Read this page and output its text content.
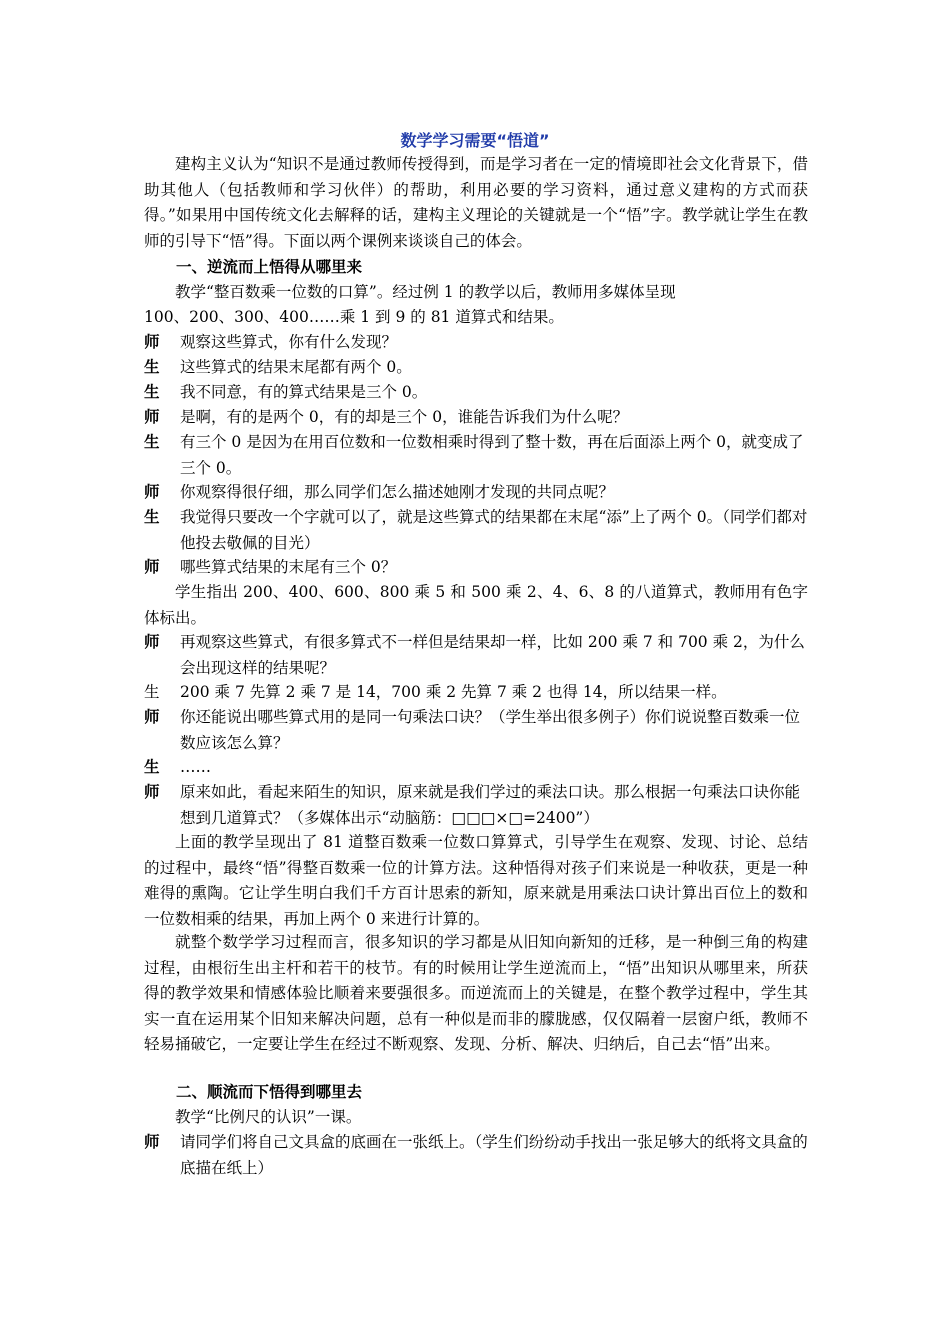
数学学习需要“悟道”

建构主义认为“知识不是通过教师传授得到，而是学习者在一定的情境即社会文化背景下，借助其他人（包括教师和学习伙伴）的帮助，利用必要的学习资料，通过意义建构的方式而获得。”如果用中国传统文化去解释的话，建构主义理论的关键就是一个“悟”字。教学就让学生在教师的引导下“悟”得。下面以两个课例来谈谈自己的体会。

一、逆流而上悟得从哪里来

教学“整百数乘一位数的口算”。经过例 1 的教学以后，教师用多媒体呈现

100、200、300、400……乘 1 到 9 的 81 道算式和结果。

师	观察这些算式，你有什么发现？
生	这些算式的结果末尾都有两个 0。
生	我不同意，有的算式结果是三个 0。
师	是啊，有的是两个 0，有的却是三个 0，谁能告诉我们为什么呢？
生	有三个 0 是因为在用百位数和一位数相乘时得到了整十数，再在后面添上两个 0，就变成了三个 0。
师	你观察得很仔细，那么同学们怎么描述她刚才发现的共同点呢？
生	我觉得只要改一个字就可以了，就是这些算式的结果都在末尾“添”上了两个 0。（同学们都对他投去敬佩的目光）
师	哪些算式结果的末尾有三个 0？

学生指出 200、400、600、800 乘 5 和 500 乘 2、4、6、8 的八道算式，教师用有色字体标出。

师	再观察这些算式，有很多算式不一样但是结果却一样，比如 200 乘 7 和 700 乘 2，为什么会出现这样的结果呢？
生	200 乘 7 先算 2 乘 7 是 14，700 乘 2 先算 7 乘 2 也得 14，所以结果一样。
师	你还能说出哪些算式用的是同一句乘法口诀？（学生举出很多例子）你们说说整百数乘一位数应该怎么算？
生	……
师	原来如此，看起来陌生的知识，原来就是我们学过的乘法口诀。那么根据一句乘法口诀你能想到几道算式？（多媒体出示“动脑筋：□□□×□=2400”）

上面的教学呈现出了 81 道整百数乘一位数口算算式，引导学生在观察、发现、讨论、总结的过程中，最终“悟”得整百数乘一位的计算方法。这种悟得对孩子们来说是一种收获，更是一种难得的熏陶。它让学生明白我们千方百计思索的新知，原来就是用乘法口诀计算出百位上的数和一位数相乘的结果，再加上两个 0 来进行计算的。

就整个数学学习过程而言，很多知识的学习都是从旧知向新知的迁移，是一种倒三角的构建过程，由根衍生出主杆和若干的枝节。有的时候用让学生逆流而上，“悟”出知识从哪里来，所获得的教学效果和情感体验比顺着来要强很多。而逆流而上的关键是，在整个教学过程中，学生其实一直在运用某个旧知来解决问题，总有一种似是而非的朦胧感，仅仅隔着一层窗户纸，教师不轻易捅破它，一定要让学生在经过不断观察、发现、分析、解决、归纳后，自己去“悟”出来。

二、顺流而下悟得到哪里去

教学“比例尺的认识”一课。

师	请同学们将自己文具盒的底画在一张纸上。（学生们纷纷动手找出一张足够大的纸将文具盒的底描在纸上）
